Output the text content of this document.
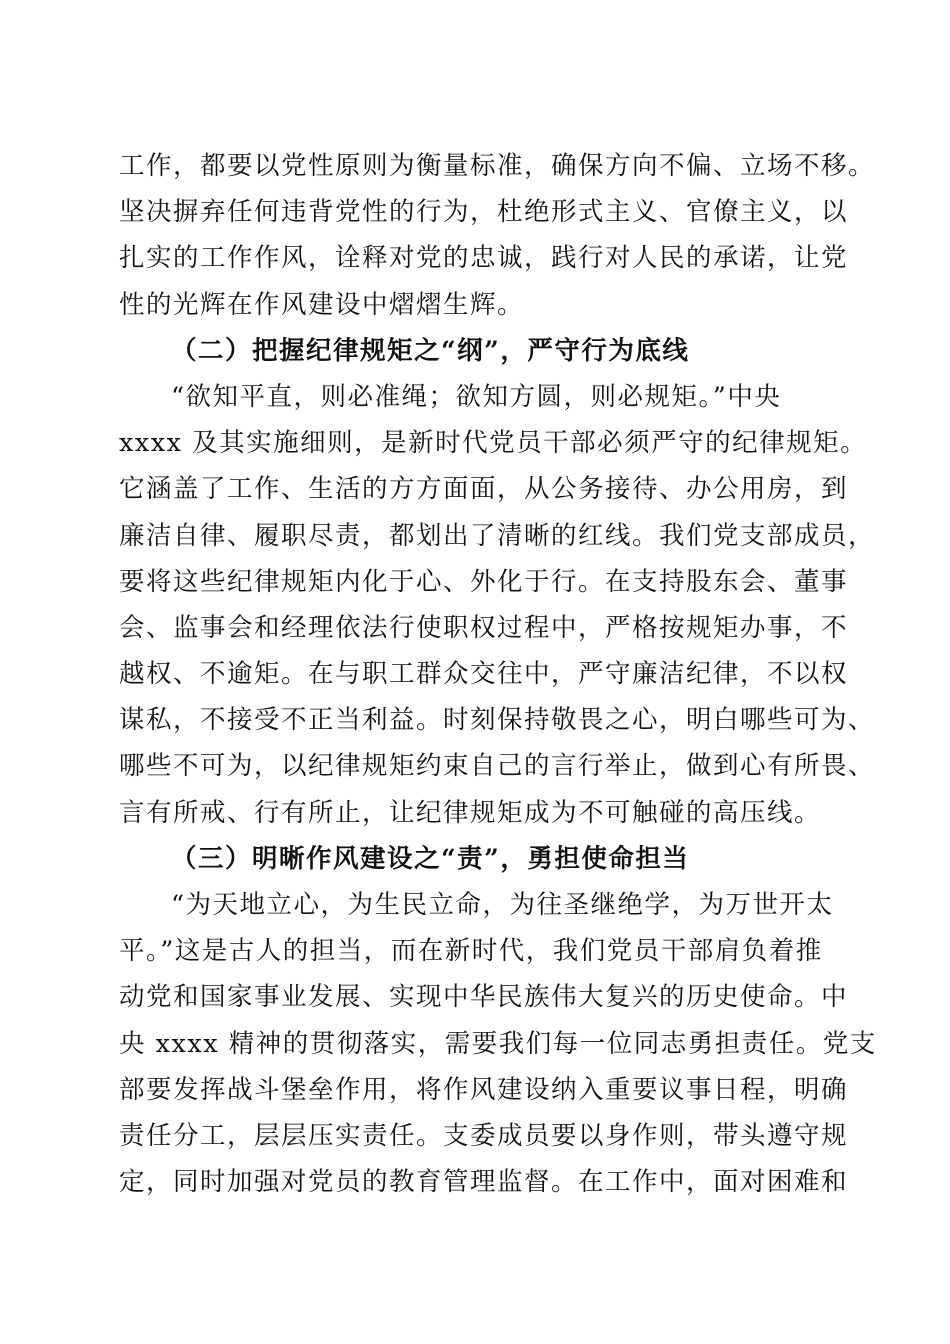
工作，都要以党性原则为衡量标准，确保方向不偏、立场不移。
坚决摒弃任何违背党性的行为，杜绝形式主义、官僚主义，以
扎实的工作作风，诠释对党的忠诚，践行对人民的承诺，让党
性的光辉在作风建设中熠熠生辉。
（二）把握纪律规矩之“纲”，严守行为底线
“欲知平直，则必准绳；欲知方圆，则必规矩。”中央
xxxx 及其实施细则，是新时代党员干部必须严守的纪律规矩。
它涵盖了工作、生活的方方面面，从公务接待、办公用房，到
廉洁自律、履职尽责，都划出了清晰的红线。我们党支部成员，
要将这些纪律规矩内化于心、外化于行。在支持股东会、董事
会、监事会和经理依法行使职权过程中，严格按规矩办事，不
越权、不逾矩。在与职工群众交往中，严守廉洁纪律，不以权
谋私，不接受不正当利益。时刻保持敬畏之心，明白哪些可为、
哪些不可为，以纪律规矩约束自己的言行举止，做到心有所畏、
言有所戒、行有所止，让纪律规矩成为不可触碰的高压线。
（三）明晰作风建设之“责”，勇担使命担当
“为天地立心，为生民立命，为往圣继绝学，为万世开太
平。”这是古人的担当，而在新时代，我们党员干部肩负着推
动党和国家事业发展、实现中华民族伟大复兴的历史使命。中
央 xxxx 精神的贯彻落实，需要我们每一位同志勇担责任。党支
部要发挥战斗堡垒作用，将作风建设纳入重要议事日程，明确
责任分工，层层压实责任。支委成员要以身作则，带头遵守规
定，同时加强对党员的教育管理监督。在工作中，面对困难和
